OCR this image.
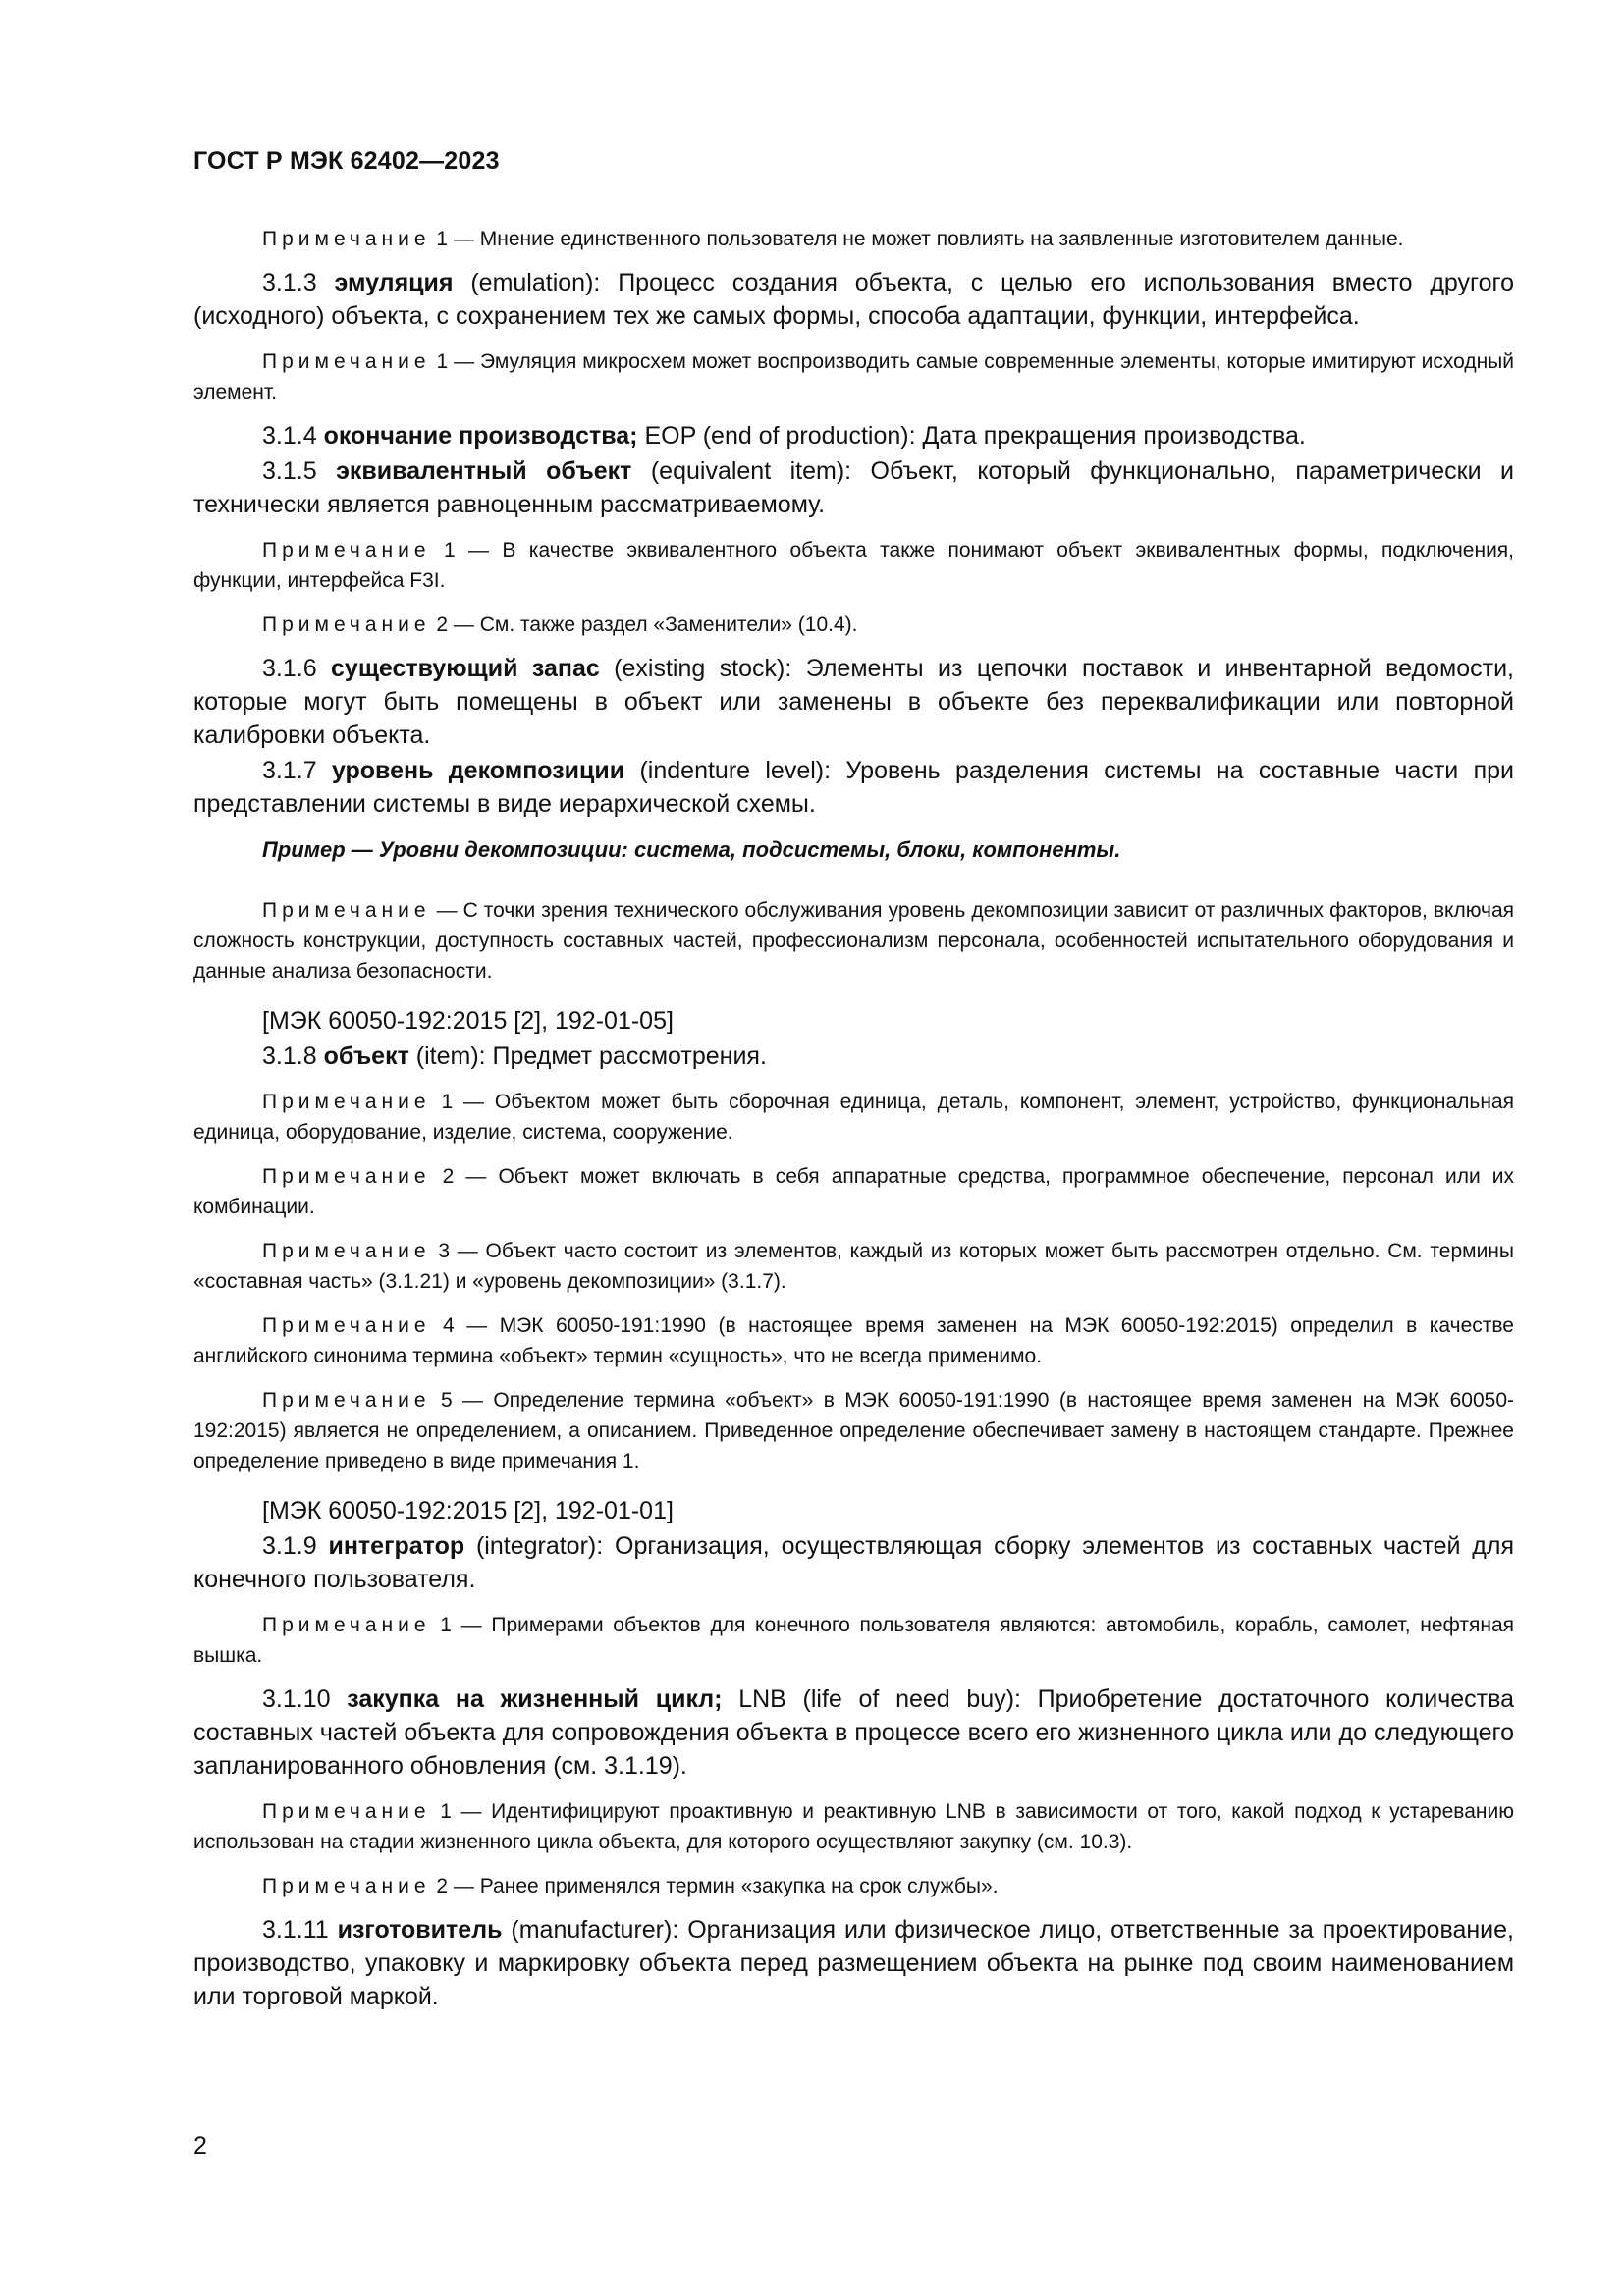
ГОСТ Р МЭК 62402—2023

Примечание 1 — Мнение единственного пользователя не может повлиять на заявленные изготовителем данные.

3.1.3 эмуляция (emulation): Процесс создания объекта, с целью его использования вместо другого (исходного) объекта, с сохранением тех же самых формы, способа адаптации, функции, интерфейса.

Примечание 1 — Эмуляция микросхем может воспроизводить самые современные элементы, которые имитируют исходный элемент.

3.1.4 окончание производства; EOP (end of production): Дата прекращения производства.

3.1.5 эквивалентный объект (equivalent item): Объект, который функционально, параметрически и технически является равноценным рассматриваемому.

Примечание 1 — В качестве эквивалентного объекта также понимают объект эквивалентных формы, подключения, функции, интерфейса F3I.

Примечание 2 — См. также раздел «Заменители» (10.4).

3.1.6 существующий запас (existing stock): Элементы из цепочки поставок и инвентарной ведомости, которые могут быть помещены в объект или заменены в объекте без переквалификации или повторной калибровки объекта.

3.1.7 уровень декомпозиции (indenture level): Уровень разделения системы на составные части при представлении системы в виде иерархической схемы.

Пример — Уровни декомпозиции: система, подсистемы, блоки, компоненты.

Примечание — С точки зрения технического обслуживания уровень декомпозиции зависит от различных факторов, включая сложность конструкции, доступность составных частей, профессионализм персонала, особенностей испытательного оборудования и данные анализа безопасности.

[МЭК 60050-192:2015 [2], 192-01-05]

3.1.8 объект (item): Предмет рассмотрения.

Примечание 1 — Объектом может быть сборочная единица, деталь, компонент, элемент, устройство, функциональная единица, оборудование, изделие, система, сооружение.

Примечание 2 — Объект может включать в себя аппаратные средства, программное обеспечение, персонал или их комбинации.

Примечание 3 — Объект часто состоит из элементов, каждый из которых может быть рассмотрен отдельно. См. термины «составная часть» (3.1.21) и «уровень декомпозиции» (3.1.7).

Примечание 4 — МЭК 60050-191:1990 (в настоящее время заменен на МЭК 60050-192:2015) определил в качестве английского синонима термина «объект» термин «сущность», что не всегда применимо.

Примечание 5 — Определение термина «объект» в МЭК 60050-191:1990 (в настоящее время заменен на МЭК 60050-192:2015) является не определением, а описанием. Приведенное определение обеспечивает замену в настоящем стандарте. Прежнее определение приведено в виде примечания 1.

[МЭК 60050-192:2015 [2], 192-01-01]

3.1.9 интегратор (integrator): Организация, осуществляющая сборку элементов из составных частей для конечного пользователя.

Примечание 1 — Примерами объектов для конечного пользователя являются: автомобиль, корабль, самолет, нефтяная вышка.

3.1.10 закупка на жизненный цикл; LNB (life of need buy): Приобретение достаточного количества составных частей объекта для сопровождения объекта в процессе всего его жизненного цикла или до следующего запланированного обновления (см. 3.1.19).

Примечание 1 — Идентифицируют проактивную и реактивную LNB в зависимости от того, какой подход к устареванию использован на стадии жизненного цикла объекта, для которого осуществляют закупку (см. 10.3).

Примечание 2 — Ранее применялся термин «закупка на срок службы».

3.1.11 изготовитель (manufacturer): Организация или физическое лицо, ответственные за проектирование, производство, упаковку и маркировку объекта перед размещением объекта на рынке под своим наименованием или торговой маркой.

2
